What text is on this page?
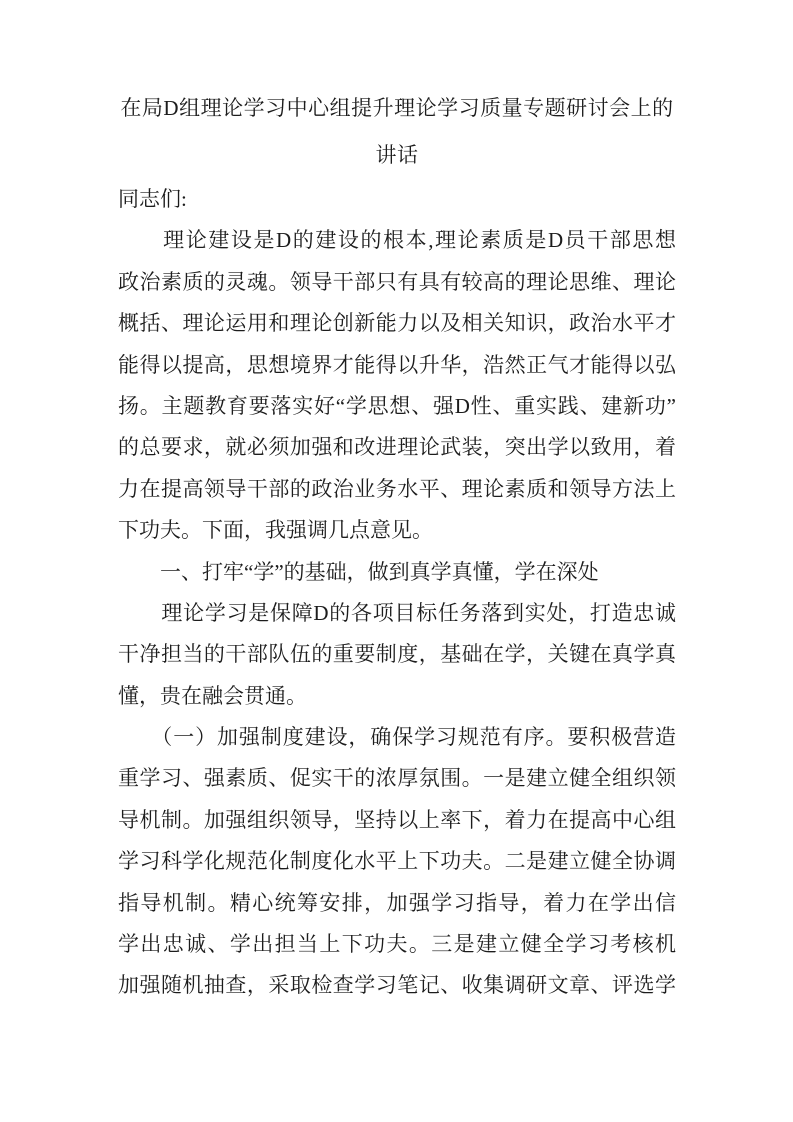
在局D组理论学习中心组提升理论学习质量专题研讨会上的
讲话
同志们:
　　理论建设是D的建设的根本,理论素质是D员干部思想
政治素质的灵魂。领导干部只有具有较高的理论思维、理论
概括、理论运用和理论创新能力以及相关知识，政治水平才
能得以提高，思想境界才能得以升华，浩然正气才能得以弘
扬。主题教育要落实好“学思想、强D性、重实践、建新功”
的总要求，就必须加强和改进理论武装，突出学以致用，着
力在提高领导干部的政治业务水平、理论素质和领导方法上
下功夫。下面，我强调几点意见。
　　一、打牢“学”的基础，做到真学真懂，学在深处
　　理论学习是保障D的各项目标任务落到实处，打造忠诚
干净担当的干部队伍的重要制度，基础在学，关键在真学真
懂，贵在融会贯通。
　　（一）加强制度建设，确保学习规范有序。要积极营造
重学习、强素质、促实干的浓厚氛围。一是建立健全组织领
导机制。加强组织领导，坚持以上率下，着力在提高中心组
学习科学化规范化制度化水平上下功夫。二是建立健全协调
指导机制。精心统筹安排，加强学习指导，着力在学出信
学出忠诚、学出担当上下功夫。三是建立健全学习考核机
加强随机抽查，采取检查学习笔记、收集调研文章、评选学
